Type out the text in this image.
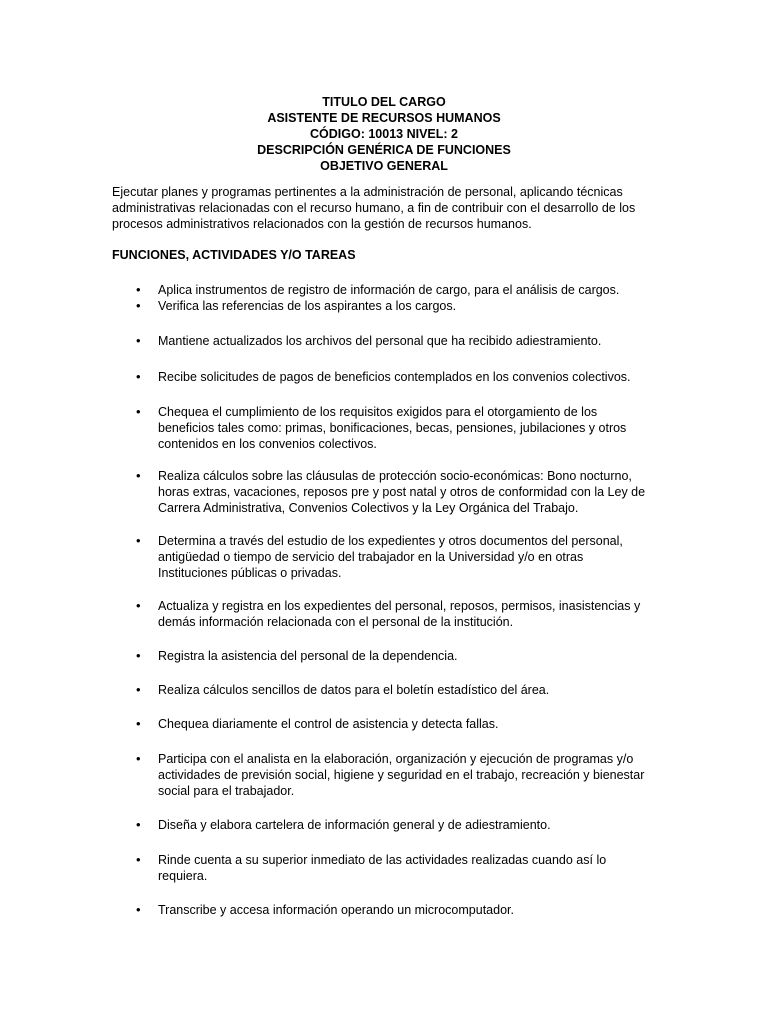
TITULO DEL CARGO
ASISTENTE DE RECURSOS HUMANOS
CÓDIGO: 10013 NIVEL: 2
DESCRIPCIÓN GENÉRICA DE FUNCIONES
OBJETIVO GENERAL

Ejecutar planes y programas pertinentes a la administración de personal, aplicando técnicas administrativas relacionadas con el recurso humano, a fin de contribuir con el desarrollo de los procesos administrativos relacionados con la gestión de recursos humanos.

FUNCIONES, ACTIVIDADES Y/O TAREAS

• Aplica instrumentos de registro de información de cargo, para el análisis de cargos.
• Verifica las referencias de los aspirantes a los cargos.
• Mantiene actualizados los archivos del personal que ha recibido adiestramiento.
• Recibe solicitudes de pagos de beneficios contemplados en los convenios colectivos.
• Chequea el cumplimiento de los requisitos exigidos para el otorgamiento de los beneficios tales como: primas, bonificaciones, becas, pensiones, jubilaciones y otros contenidos en los convenios colectivos.
• Realiza cálculos sobre las cláusulas de protección socio-económicas: Bono nocturno, horas extras, vacaciones, reposos pre y post natal y otros de conformidad con la Ley de Carrera Administrativa, Convenios Colectivos y la Ley Orgánica del Trabajo.
• Determina a través del estudio de los expedientes y otros documentos del personal, antigüedad o tiempo de servicio del trabajador en la Universidad y/o en otras Instituciones públicas o privadas.
• Actualiza y registra en los expedientes del personal, reposos, permisos, inasistencias y demás información relacionada con el personal de la institución.
• Registra la asistencia del personal de la dependencia.
• Realiza cálculos sencillos de datos para el boletín estadístico del área.
• Chequea diariamente el control de asistencia y detecta fallas.
• Participa con el analista en la elaboración, organización y ejecución de programas y/o actividades de previsión social, higiene y seguridad en el trabajo, recreación y bienestar social para el trabajador.
• Diseña y elabora cartelera de información general y de adiestramiento.
• Rinde cuenta a su superior inmediato de las actividades realizadas cuando así lo requiera.
• Transcribe y accesa información operando un microcomputador.
